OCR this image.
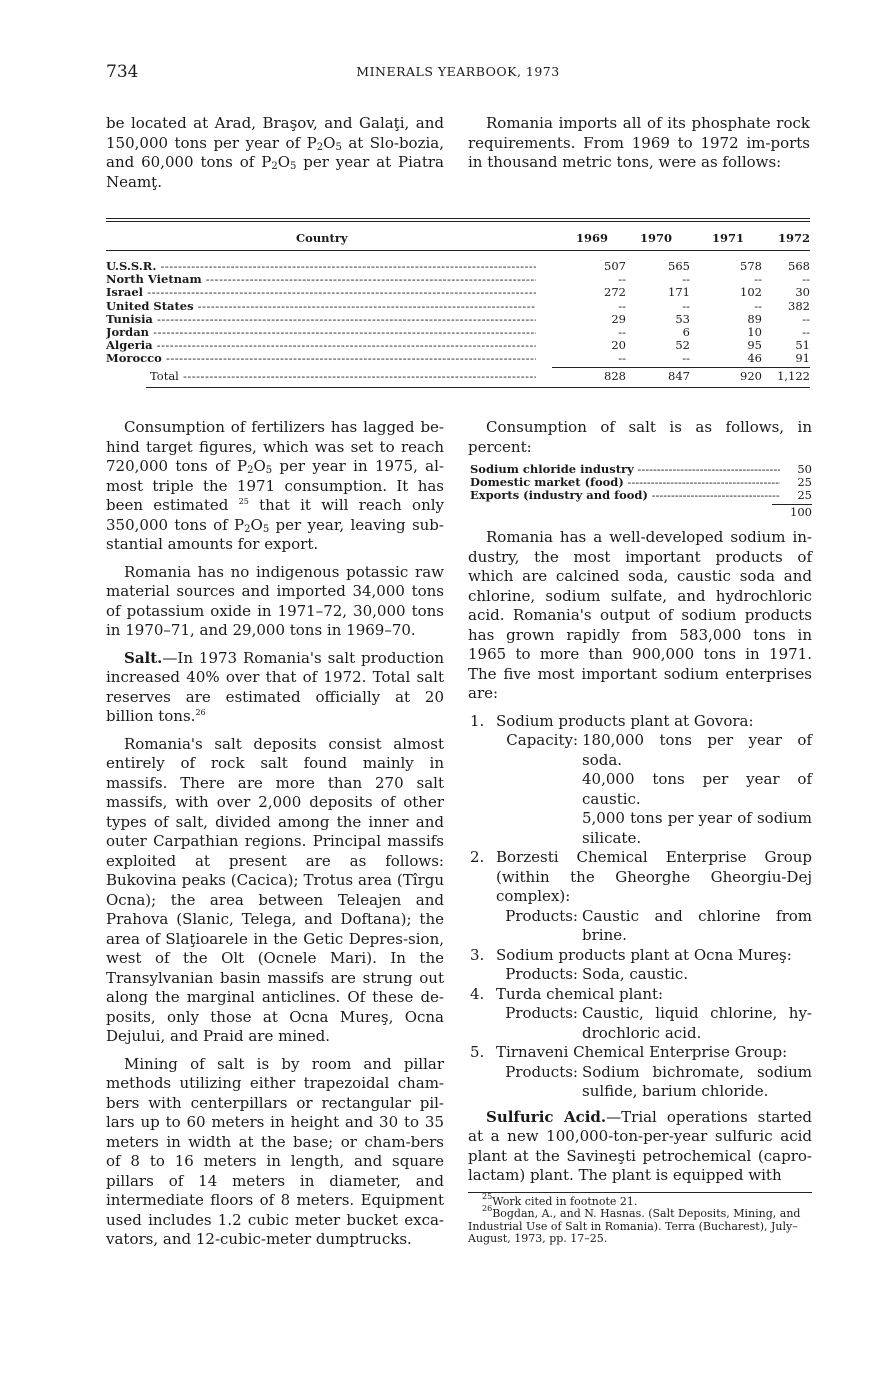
734	MINERALS YEARBOOK, 1973

be located at Arad, Braşov, and Galaţi, and 150,000 tons per year of $P_2O_5$ at Slo-bozia, and 60,000 tons of $P_2O_5$ per year at Piatra Neamţ.

Romania imports all of its phosphate rock requirements. From 1969 to 1972 im-ports in thousand metric tons, were as follows:

Country	1969	1970	1971	1972
U.S.S.R. -----	507	565	578	568
North Vietnam -----	--	--	--	--
Israel -----	272	171	102	30
United States -----	--	--	--	382
Tunisia -----	29	53	89	--
Jordan -----	--	6	10	--
Algeria -----	20	52	95	51
Morocco -----	--	--	46	91
Total -----	828	847	920	1,122

Consumption of fertilizers has lagged be-hind target figures, which was set to reach 720,000 tons of $P_2O_5$ per year in 1975, al-most triple the 1971 consumption. It has been estimated $^{25}$ that it will reach only 350,000 tons of $P_2O_5$ per year, leaving sub-stantial amounts for export.

Romania has no indigenous potassic raw material sources and imported 34,000 tons of potassium oxide in 1971–72, 30,000 tons in 1970–71, and 29,000 tons in 1969–70.

Salt.—In 1973 Romania's salt production increased 40% over that of 1972. Total salt reserves are estimated officially at 20 billion tons.$^{26}$

Romania's salt deposits consist almost entirely of rock salt found mainly in massifs. There are more than 270 salt massifs, with over 2,000 deposits of other types of salt, divided among the inner and outer Carpathian regions. Principal massifs exploited at present are as follows: Bukovina peaks (Cacica); Trotus area (Tîrgu Ocna); the area between Teleajen and Prahova (Slanic, Telega, and Doftana); the area of Slaţioarele in the Getic Depres-sion, west of the Olt (Ocnele Mari). In the Transylvanian basin massifs are strung out along the marginal anticlines. Of these de-posits, only those at Ocna Mureş, Ocna Dejului, and Praid are mined.

Mining of salt is by room and pillar methods utilizing either trapezoidal cham-bers with centerpillars or rectangular pil-lars up to 60 meters in height and 30 to 35 meters in width at the base; or cham-bers of 8 to 16 meters in length, and square pillars of 14 meters in diameter, and intermediate floors of 8 meters. Equipment used includes 1.2 cubic meter bucket exca-vators, and 12-cubic-meter dumptrucks.

Consumption of salt is as follows, in percent:

Sodium chloride industry -----	50
Domestic market (food) -----	25
Exports (industry and food) -----	25
100

Romania has a well-developed sodium in-dustry, the most important products of which are calcined soda, caustic soda and chlorine, sodium sulfate, and hydrochloric acid. Romania's output of sodium products has grown rapidly from 583,000 tons in 1965 to more than 900,000 tons in 1971. The five most important sodium enterprises are:

1. Sodium products plant at Govora:
Capacity: 180,000 tons per year of soda.
40,000 tons per year of caustic.
5,000 tons per year of sodium silicate.
2. Borzesti Chemical Enterprise Group (within the Gheorghe Gheorgiu-Dej complex):
Products: Caustic and chlorine from brine.
3. Sodium products plant at Ocna Mureş:
Products: Soda, caustic.
4. Turda chemical plant:
Products: Caustic, liquid chlorine, hy-drochloric acid.
5. Tirnaveni Chemical Enterprise Group:
Products: Sodium bichromate, sodium sulfide, barium chloride.

Sulfuric Acid.—Trial operations started at a new 100,000-ton-per-year sulfuric acid plant at the Savineşti petrochemical (capro-lactam) plant. The plant is equipped with

$^{25}$Work cited in footnote 21.

$^{26}$Bogdan, A., and N. Hasnas. (Salt Deposits, Mining, and Industrial Use of Salt in Romania). Terra (Bucharest), July–August, 1973, pp. 17–25.
